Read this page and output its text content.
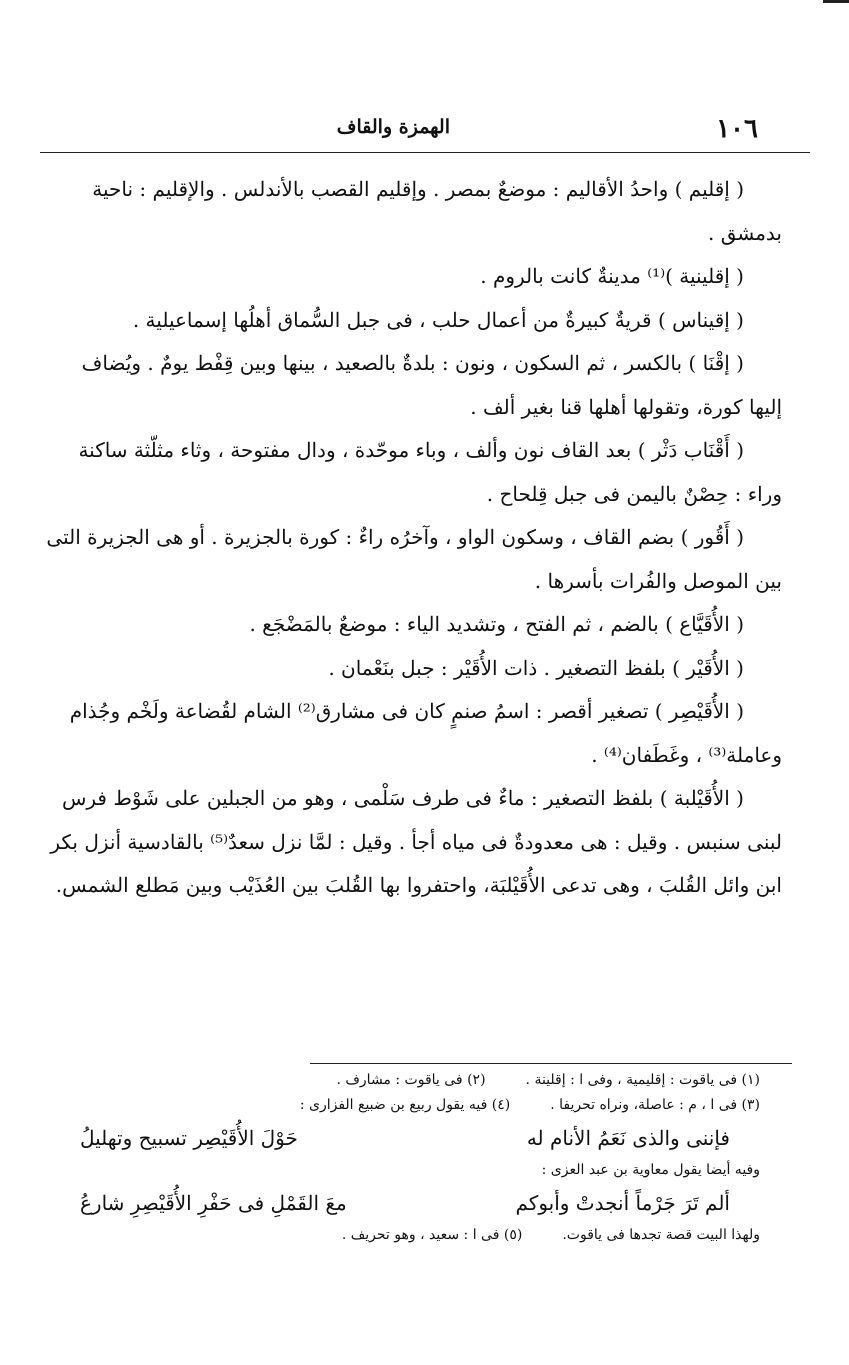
١٠٦
الهمزة والقاف

( إقليم ) واحدُ الأقاليم : موضعٌ بمصر . وإقليم القصب بالأندلس . والإقليم : ناحية

بدمشق .

( إقلينية )⁽¹⁾ مدينةٌ كانت بالروم .

( إقيناس ) قريةٌ كبيرةٌ من أعمال حلب ، فى جبل السُّماق أهلُها إسماعيلية .

( إقْنَا ) بالكسر ، ثم السكون ، ونون : بلدةٌ بالصعيد ، بينها وبين قِفْط يومٌ . ويُضاف

إليها كورة، وتقولها أهلها قنا بغير ألف .

( أَقْنَاب دَثْر ) بعد القاف نون وألف ، وباء موحّدة ، ودال مفتوحة ، وثاء مثلّثة ساكنة

وراء : حِصْنٌ باليمن فى جبل قِلحاح .

( أَقُور ) بضم القاف ، وسكون الواو ، وآخرُه راءٌ : كورة بالجزيرة . أو هى الجزيرة التى

بين الموصل والفُرات بأسرها .

( الأُقَيَّاع ) بالضم ، ثم الفتح ، وتشديد الياء : موضعٌ بالمَضْجَع .

( الأُقَيْر ) بلفظ التصغير . ذات الأُقَيْر : جبل بنَعْمان .

( الأُقَيْصِر ) تصغير أقصر : اسمُ صنمٍ كان فى مشارق⁽²⁾ الشام لقُضاعة ولَخْم وجُذام

وعاملة⁽³⁾ ، وغَطَفان⁽⁴⁾ .

( الأُقَيْلبة ) بلفظ التصغير : ماءٌ فى طرف سَلْمى ، وهو من الجبلين على شَوْط فرس

لبنى سنبس . وقيل : هى معدودةٌ فى مياه أجأ . وقيل : لمَّا نزل سعدٌ⁽⁵⁾ بالقادسية أنزل بكر

ابن وائل القُلبَ ، وهى تدعى الأُقَيْلبَة، واحتفروا بها القُلبَ بين العُذَيْب وبين مَطلع الشمس.

(١) فى ياقوت : إقليمية ، وفى ا : إقلينة .
(٢) فى ياقوت : مشارف .
(٣) فى ا ، م : عاصلة، ونراه تحريفا .
(٤) فيه يقول ربيع بن ضبيع الفزارى :
فإننى والذى نَعَمُ الأنام له
حَوْلَ الأُقَيْصِر تسبيح وتهليلُ

وفيه أيضا يقول معاوية بن عبد العزى :

ألم تَرَ جَرْماً أنجدتْ وأبوكم
معَ القَمْلِ فى حَفْرِ الأُقَيْصِرِ شارعُ
ولهذا البيت قصة تجدها فى ياقوت.
(٥) فى ا : سعيد ، وهو تحريف .
